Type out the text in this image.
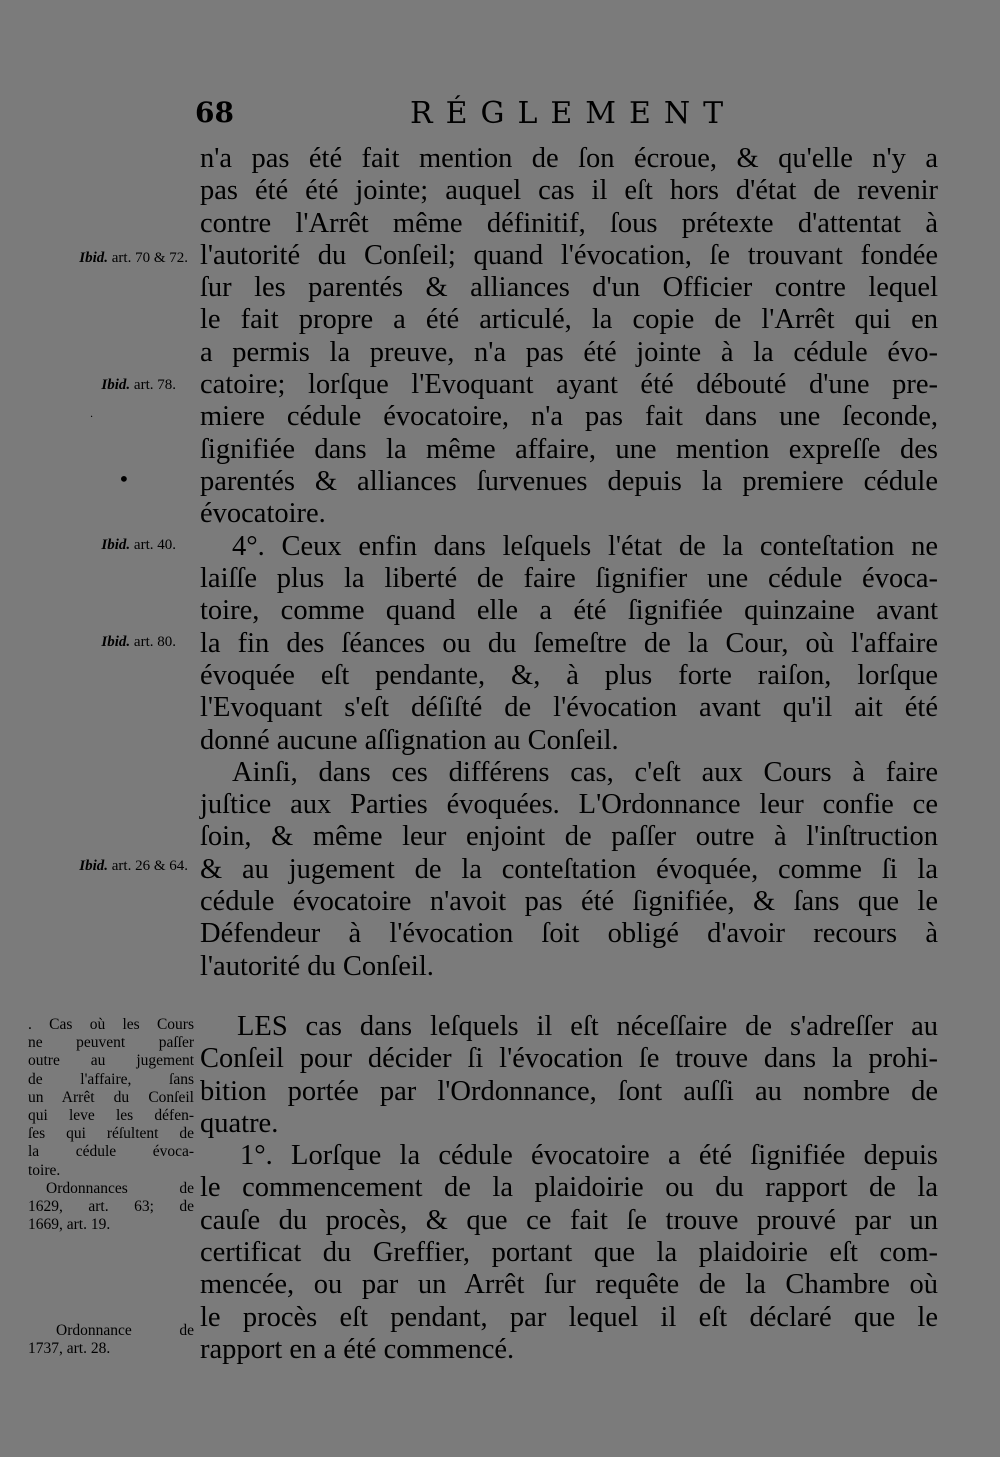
68	RÉGLEMENT
n'a pas été fait mention de ſon écroue, & qu'elle n'y a
pas été été jointe; auquel cas il eſt hors d'état de revenir
contre l'Arrêt même définitif, ſous prétexte d'attentat à
l'autorité du Conſeil; quand l'évocation, ſe trouvant fondée
ſur les parentés & alliances d'un Officier contre lequel
le fait propre a été articulé, la copie de l'Arrêt qui en
a permis la preuve, n'a pas été jointe à la cédule évo-
catoire; lorſque l'Evoquant ayant été débouté d'une pre-
miere cédule évocatoire, n'a pas fait dans une ſeconde,
ſignifiée dans la même affaire, une mention expreſſe des
parentés & alliances ſurvenues depuis la premiere cédule
évocatoire.
4°. Ceux enfin dans leſquels l'état de la conteſtation ne
laiſſe plus la liberté de faire ſignifier une cédule évoca-
toire, comme quand elle a été ſignifiée quinzaine avant
la fin des ſéances ou du ſemeſtre de la Cour, où l'affaire
évoquée eſt pendante, &, à plus forte raiſon, lorſque
l'Evoquant s'eſt déſiſté de l'évocation avant qu'il ait été
donné aucune aſſignation au Conſeil.
Ainſi, dans ces différens cas, c'eſt aux Cours à faire
juſtice aux Parties évoquées. L'Ordonnance leur confie ce
ſoin, & même leur enjoint de paſſer outre à l'inſtruction
& au jugement de la conteſtation évoquée, comme ſi la
cédule évocatoire n'avoit pas été ſignifiée, & ſans que le
Défendeur à l'évocation ſoit obligé d'avoir recours à
l'autorité du Conſeil.
LES cas dans leſquels il eſt néceſſaire de s'adreſſer au
Conſeil pour décider ſi l'évocation ſe trouve dans la prohi-
bition portée par l'Ordonnance, ſont auſſi au nombre de
quatre.
1°. Lorſque la cédule évocatoire a été ſignifiée depuis
le commencement de la plaidoirie ou du rapport de la
cauſe du procès, & que ce fait ſe trouve prouvé par un
certificat du Greffier, portant que la plaidoirie eſt com-
mencée, ou par un Arrêt ſur requête de la Chambre où
le procès eſt pendant, par lequel il eſt déclaré que le
rapport en a été commencé.
Ibid. art. 70 & 72.
Ibid. art. 78.
Ibid. art. 40.
Ibid. art. 80.
Ibid. art. 26 & 64.
·
•
. Cas où les Cours
ne peuvent paſſer
outre au jugement
de l'affaire, ſans
un Arrêt du Conſeil
qui leve les défen-
ſes qui réſultent de
la cédule évoca-
toire.
Ordonnances de
1629, art. 63; de
1669, art. 19.
Ordonnance de
1737, art. 28.
